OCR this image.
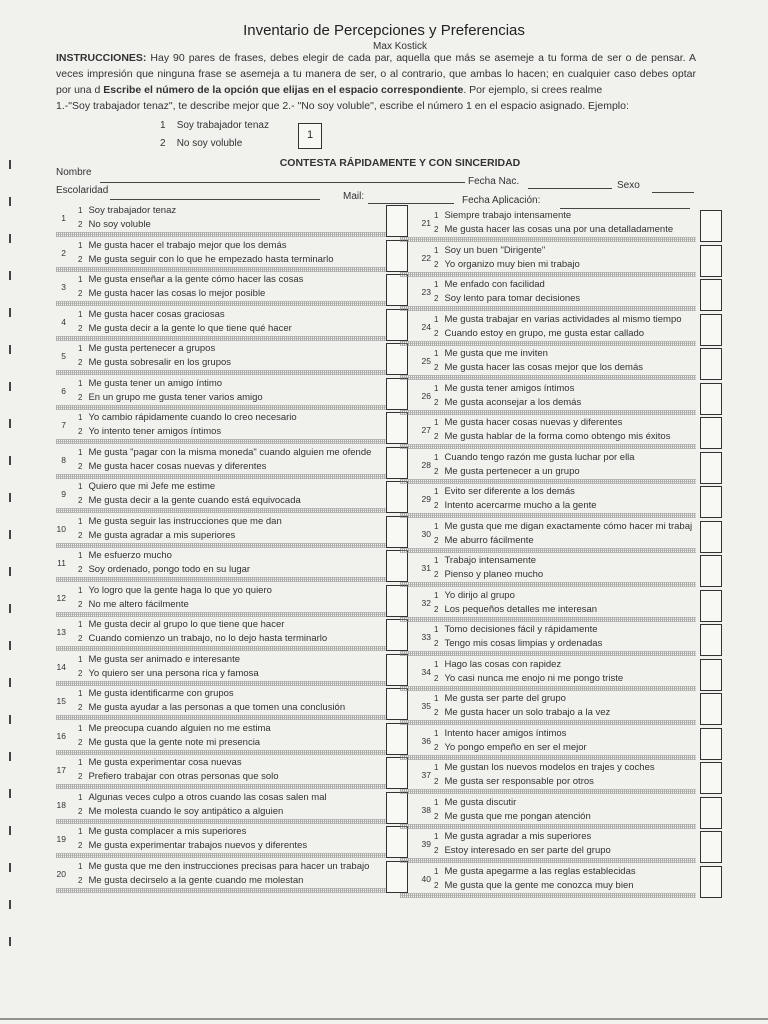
Inventario de Percepciones y Preferencias
Max Kostick
INSTRUCCIONES: Hay 90 pares de frases, debes elegir de cada par, aquella que más se asemeje a tu forma de ser o de pensar. A veces impresión que ninguna frase se asemeja a tu manera de ser, o al contrario, que ambas lo hacen; en cualquier caso debes optar por una d Escribe el número de la opción que elijas en el espacio correspondiente. Por ejemplo, si crees realme
1.-"Soy trabajador tenaz", te describe mejor que 2.- "No soy voluble", escribe el número 1 en el espacio asignado. Ejemplo:
1 Soy trabajador tenaz
2 No soy voluble
1
CONTESTA RÁPIDAMENTE Y CON SINCERIDAD
Nombre
Fecha Nac.	Sexo
Escolaridad
Mail:	Fecha Aplicación:
1
1 Soy trabajador tenaz
2 No soy voluble
2
1 Me gusta hacer el trabajo mejor que los demás
2 Me gusta seguir con lo que he empezado hasta terminarlo
3
1 Me gusta enseñar a la gente cómo hacer las cosas
2 Me gusta hacer las cosas lo mejor posible
4
1 Me gusta hacer cosas graciosas
2 Me gusta decir a la gente lo que tiene qué hacer
5
1 Me gusta pertenecer a grupos
2 Me gusta sobresalir en los grupos
6
1 Me gusta tener un amigo íntimo
2 En un grupo me gusta tener varios amigo
7
1 Yo cambio rápidamente cuando lo creo necesario
2 Yo intento tener amigos íntimos
8
1 Me gusta "pagar con la misma moneda" cuando alguien me ofende
2 Me gusta hacer cosas nuevas y diferentes
9
1 Quiero que mi Jefe me estime
2 Me gusta decir a la gente cuando está equivocada
10
1 Me gusta seguir las instrucciones que me dan
2 Me gusta agradar a mis superiores
11
1 Me esfuerzo mucho
2 Soy ordenado, pongo todo en su lugar
12
1 Yo logro que la gente haga lo que yo quiero
2 No me altero fácilmente
13
1 Me gusta decir al grupo lo que tiene que hacer
2 Cuando comienzo un trabajo, no lo dejo hasta terminarlo
14
1 Me gusta ser animado e interesante
2 Yo quiero ser una persona rica y famosa
15
1 Me gusta identificarme con grupos
2 Me gusta ayudar a las personas a que tomen una conclusión
16
1 Me preocupa cuando alguien no me estima
2 Me gusta que la gente note mi presencia
17
1 Me gusta experimentar cosa nuevas
2 Prefiero trabajar con otras personas que solo
18
1 Algunas veces culpo a otros cuando las cosas salen mal
2 Me molesta cuando le soy antipático a alguien
19
1 Me gusta complacer a mis superiores
2 Me gusta experimentar trabajos nuevos y diferentes
20
1 Me gusta que me den instrucciones precisas para hacer un trabajo
2 Me gusta decirselo a la gente cuando me molestan
21
1 Siempre trabajo intensamente
2 Me gusta hacer las cosas una por una detalladamente
22
1 Soy un buen "Dirigente"
2 Yo organizo muy bien mi trabajo
23
1 Me enfado con facilidad
2 Soy lento para tomar decisiones
24
1 Me gusta trabajar en varias actividades al mismo tiempo
2 Cuando estoy en grupo, me gusta estar callado
25
1 Me gusta que me inviten
2 Me gusta hacer las cosas mejor que los demás
26
1 Me gusta tener amigos íntimos
2 Me gusta aconsejar a los demás
27
1 Me gusta hacer cosas nuevas y diferentes
2 Me gusta hablar de la forma como obtengo mis éxitos
28
1 Cuando tengo razón me gusta luchar por ella
2 Me gusta pertenecer a un grupo
29
1 Evito ser diferente a los demás
2 Intento acercarme mucho a la gente
30
1 Me gusta que me digan exactamente cómo hacer mi trabaj
2 Me aburro fácilmente
31
1 Trabajo intensamente
2 Pienso y planeo mucho
32
1 Yo dirijo al grupo
2 Los pequeños detalles me interesan
33
1 Tomo decisiones fácil y rápidamente
2 Tengo mis cosas limpias y ordenadas
34
1 Hago las cosas con rapidez
2 Yo casi nunca me enojo ni me pongo triste
35
1 Me gusta ser parte del grupo
2 Me gusta hacer un solo trabajo a la vez
36
1 Intento hacer amigos íntimos
2 Yo pongo empeño en ser el mejor
37
1 Me gustan los nuevos modelos en trajes y coches
2 Me gusta ser responsable por otros
38
1 Me gusta discutir
2 Me gusta que me pongan atención
39
1 Me gusta agradar a mis superiores
2 Estoy interesado en ser parte del grupo
40
1 Me gusta apegarme a las reglas establecidas
2 Me gusta que la gente me conozca muy bien
